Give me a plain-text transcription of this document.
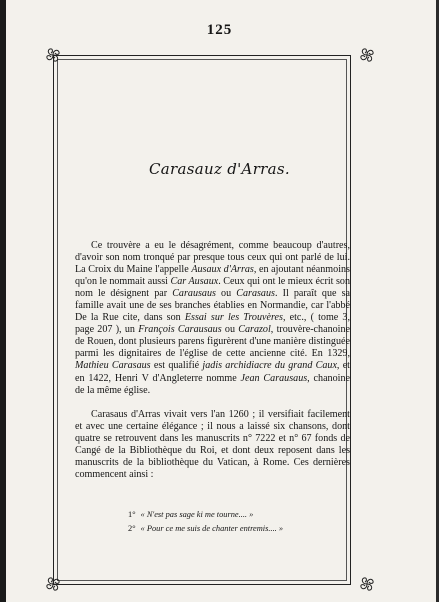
125
Carasauz d'Arras.

Ce trouvère a eu le désagrément, comme beaucoup d'autres, d'avoir son nom tronqué par presque tous ceux qui ont parlé de lui. La Croix du Maine l'appelle Ausaux d'Arras, en ajoutant néanmoins qu'on le nommait aussi Car Ausaux. Ceux qui ont le mieux écrit son nom le désignent par Carausaus ou Carasaus. Il paraît que sa famille avait une de ses branches établies en Normandie, car l'abbé De la Rue cite, dans son Essai sur les Trouvères, etc., ( tome 3, page 207 ), un François Carausaus ou Carazol, trouvère-chanoine de Rouen, dont plusieurs parens figurèrent d'une manière distinguée parmi les dignitaires de l'église de cette ancienne cité. En 1329, Mathieu Carasaus est qualifié jadis archidiacre du grand Caux, et en 1422, Henri V d'Angleterre nomme Jean Carausaus, chanoine de la même église.

Carasaus d'Arras vivait vers l'an 1260 ; il versifiait facilement et avec une certaine élégance ; il nous a laissé six chansons, dont quatre se retrouvent dans les manuscrits n° 7222 et n° 67 fonds de Cangé de la Bibliothèque du Roi, et dont deux reposent dans les manuscrits de la bibliothèque du Vatican, à Rome. Ces dernières commencent ainsi :

1° « N'est pas sage ki me tourne.... »
2° « Pour ce me suis de chanter entremis.... »
